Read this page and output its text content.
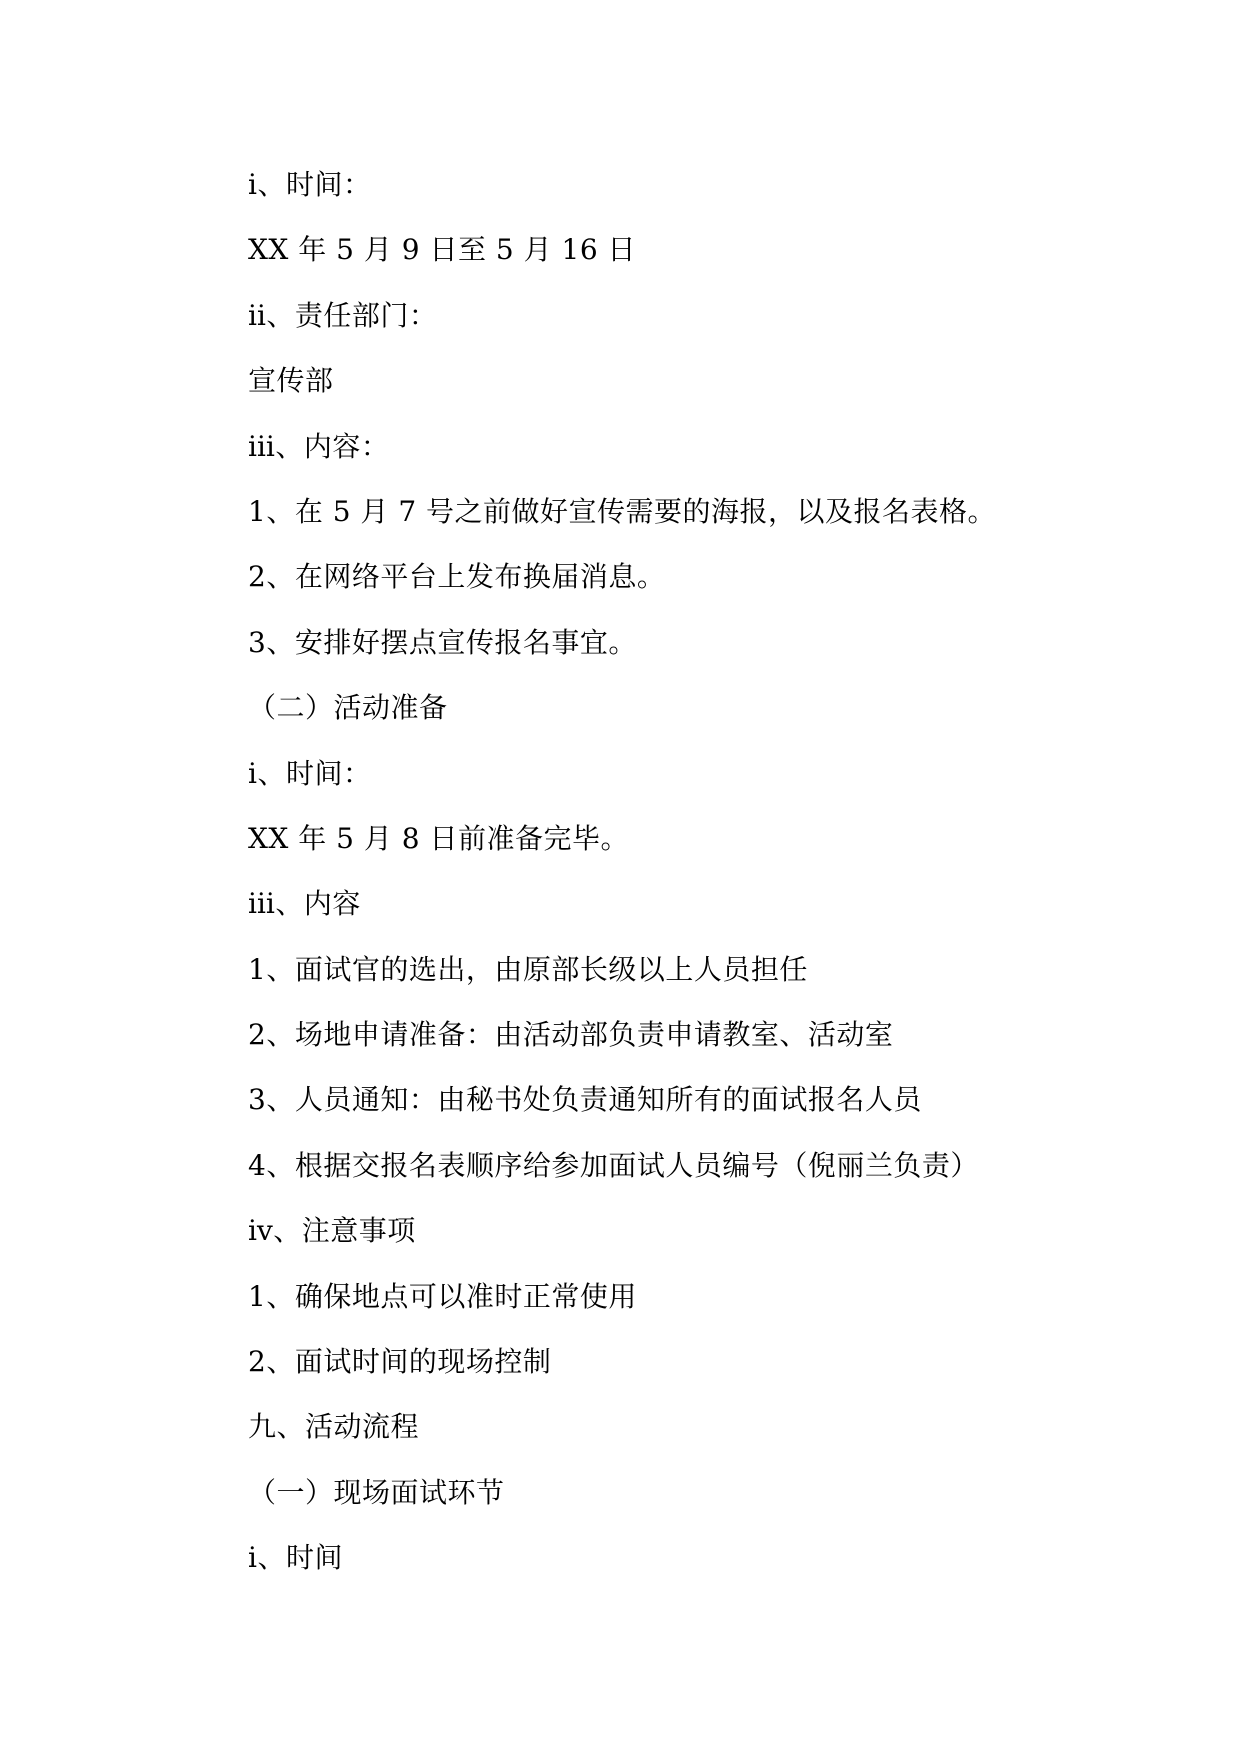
ⅰ、时间：
XX 年 5 月 9 日至 5 月 16 日
ⅱ、责任部门：
宣传部
ⅲ、内容：
1、在 5 月 7 号之前做好宣传需要的海报，以及报名表格。
2、在网络平台上发布换届消息。
3、安排好摆点宣传报名事宜。
（二）活动准备
ⅰ、时间：
XX 年 5 月 8 日前准备完毕。
ⅲ、内容
1、面试官的选出，由原部长级以上人员担任
2、场地申请准备：由活动部负责申请教室、活动室
3、人员通知：由秘书处负责通知所有的面试报名人员
4、根据交报名表顺序给参加面试人员编号（倪丽兰负责）
ⅳ、注意事项
1、确保地点可以准时正常使用
2、面试时间的现场控制
九、活动流程
（一）现场面试环节
ⅰ、时间
